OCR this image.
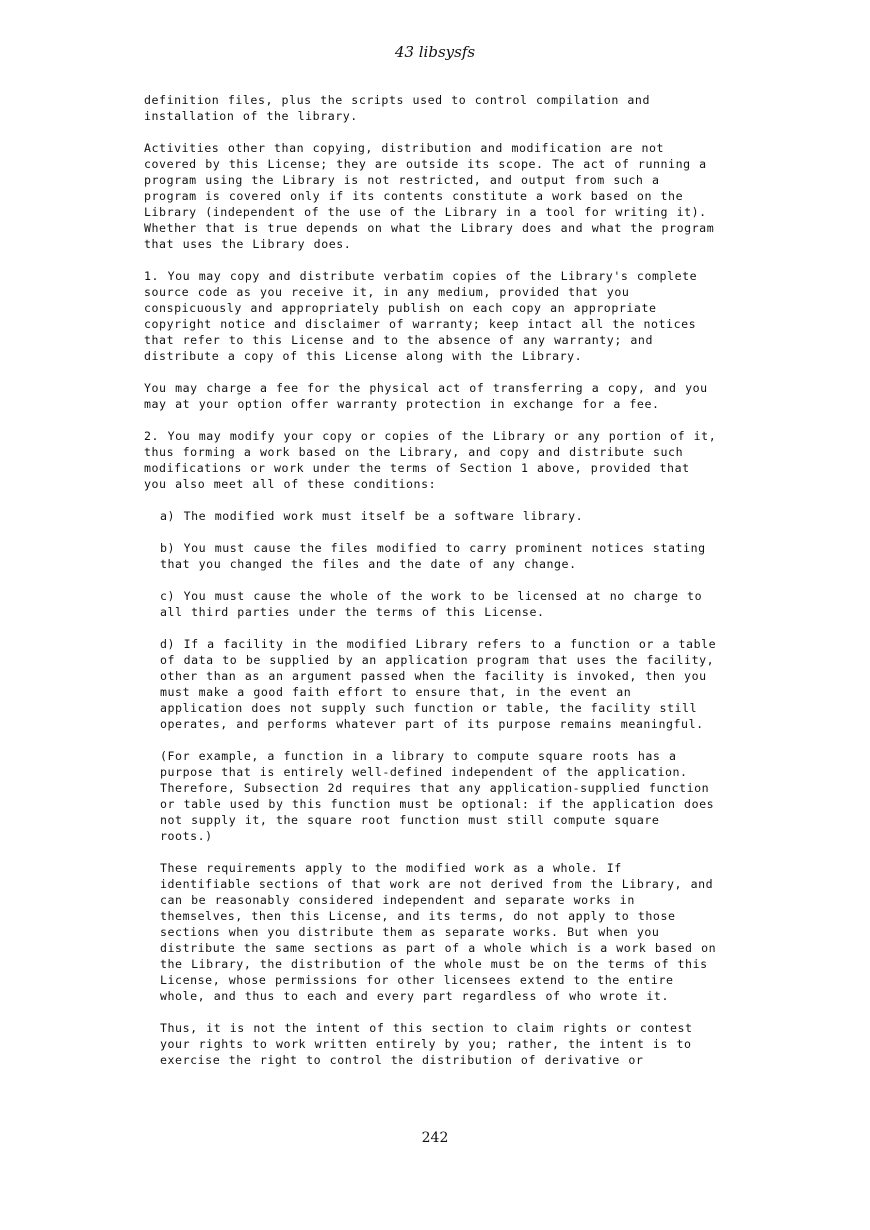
43 libsysfs

definition files, plus the scripts used to control compilation and
installation of the library.

Activities other than copying, distribution and modification are not
covered by this License; they are outside its scope. The act of running a
program using the Library is not restricted, and output from such a
program is covered only if its contents constitute a work based on the
Library (independent of the use of the Library in a tool for writing it).
Whether that is true depends on what the Library does and what the program
that uses the Library does.

1. You may copy and distribute verbatim copies of the Library's complete
source code as you receive it, in any medium, provided that you
conspicuously and appropriately publish on each copy an appropriate
copyright notice and disclaimer of warranty; keep intact all the notices
that refer to this License and to the absence of any warranty; and
distribute a copy of this License along with the Library.

You may charge a fee for the physical act of transferring a copy, and you
may at your option offer warranty protection in exchange for a fee.

2. You may modify your copy or copies of the Library or any portion of it,
thus forming a work based on the Library, and copy and distribute such
modifications or work under the terms of Section 1 above, provided that
you also meet all of these conditions:

a) The modified work must itself be a software library.

b) You must cause the files modified to carry prominent notices stating
that you changed the files and the date of any change.

c) You must cause the whole of the work to be licensed at no charge to
all third parties under the terms of this License.

d) If a facility in the modified Library refers to a function or a table
of data to be supplied by an application program that uses the facility,
other than as an argument passed when the facility is invoked, then you
must make a good faith effort to ensure that, in the event an
application does not supply such function or table, the facility still
operates, and performs whatever part of its purpose remains meaningful.

(For example, a function in a library to compute square roots has a
purpose that is entirely well-defined independent of the application.
Therefore, Subsection 2d requires that any application-supplied function
or table used by this function must be optional: if the application does
not supply it, the square root function must still compute square
roots.)

These requirements apply to the modified work as a whole. If
identifiable sections of that work are not derived from the Library, and
can be reasonably considered independent and separate works in
themselves, then this License, and its terms, do not apply to those
sections when you distribute them as separate works. But when you
distribute the same sections as part of a whole which is a work based on
the Library, the distribution of the whole must be on the terms of this
License, whose permissions for other licensees extend to the entire
whole, and thus to each and every part regardless of who wrote it.

Thus, it is not the intent of this section to claim rights or contest
your rights to work written entirely by you; rather, the intent is to
exercise the right to control the distribution of derivative or

242
